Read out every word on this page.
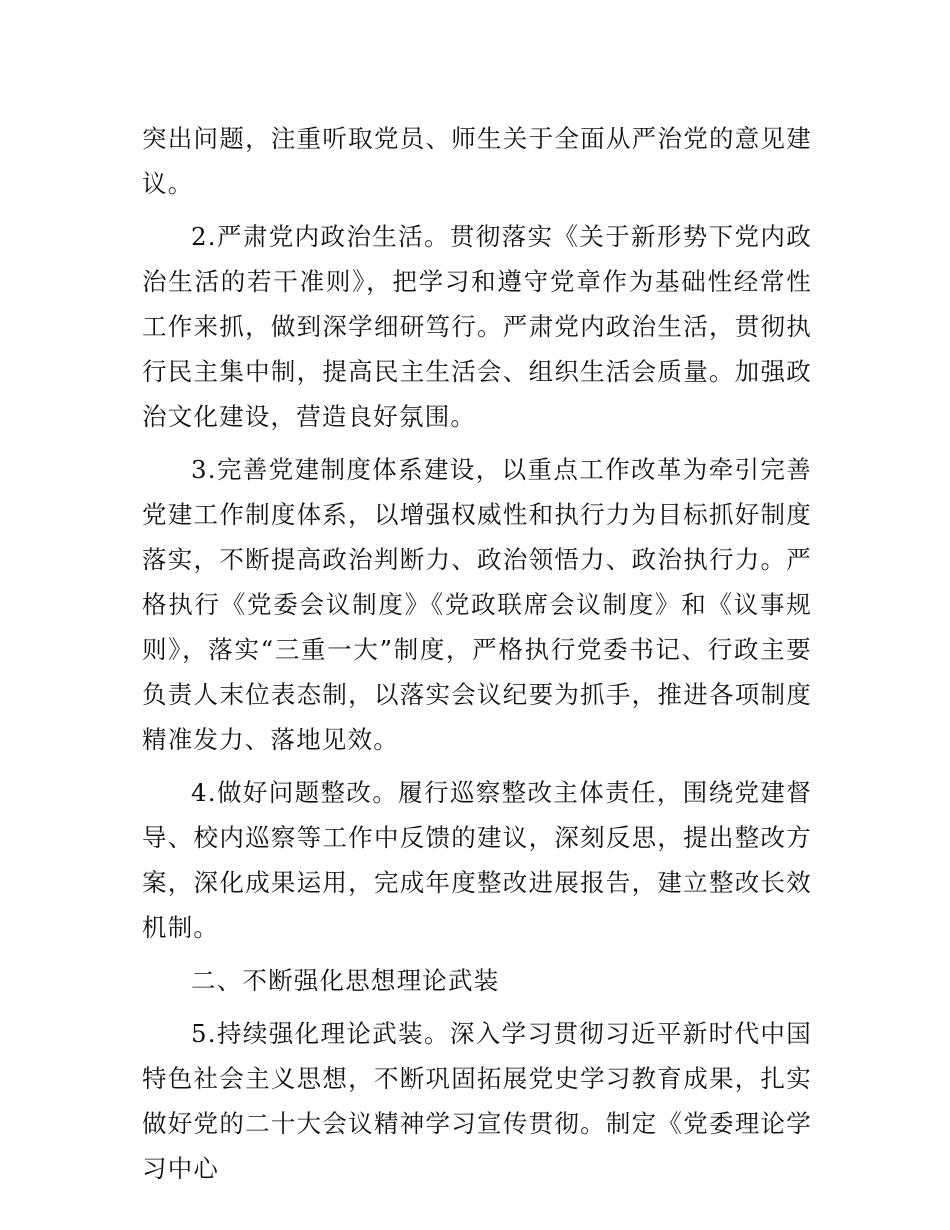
突出问题，注重听取党员、师生关于全面从严治党的意见建议。

2.严肃党内政治生活。贯彻落实《关于新形势下党内政治生活的若干准则》，把学习和遵守党章作为基础性经常性工作来抓，做到深学细研笃行。严肃党内政治生活，贯彻执行民主集中制，提高民主生活会、组织生活会质量。加强政治文化建设，营造良好氛围。

3.完善党建制度体系建设，以重点工作改革为牵引完善党建工作制度体系，以增强权威性和执行力为目标抓好制度落实，不断提高政治判断力、政治领悟力、政治执行力。严格执行《党委会议制度》《党政联席会议制度》和《议事规则》，落实“三重一大”制度，严格执行党委书记、行政主要负责人末位表态制，以落实会议纪要为抓手，推进各项制度精准发力、落地见效。

4.做好问题整改。履行巡察整改主体责任，围绕党建督导、校内巡察等工作中反馈的建议，深刻反思，提出整改方案，深化成果运用，完成年度整改进展报告，建立整改长效机制。

二、不断强化思想理论武装

5.持续强化理论武装。深入学习贯彻习近平新时代中国特色社会主义思想，不断巩固拓展党史学习教育成果，扎实做好党的二十大会议精神学习宣传贯彻。制定《党委理论学习中心
